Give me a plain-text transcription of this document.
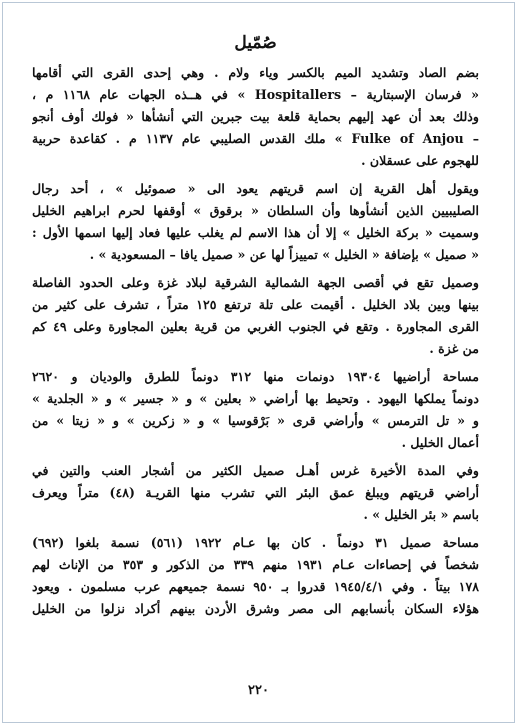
صُمّيل
بضم الصاد وتشديد الميم بالكسر وياء ولام . وهي إحدى القرى التي أقامها
« فرسان الإسبتارية – Hospitallers » في هــذه الجهات عام ١١٦٨ م ،
وذلك بعد أن عهد إليهم بحماية قلعة بيت جبرين التي أنشأها « فولك أوف أنجو
– Fulke of Anjou » ملك القدس الصليبي عام ١١٣٧ م . كقاعدة حربية
للهجوم على عسقلان .
ويقول أهل القرية إن اسم قريتهم يعود الى « صموئيل » ، أحد رجال
الصليبيين الذين أنشأوها وأن السلطان « برقوق » أوقفها لحرم ابراهيم الخليل
وسميت « بركة الخليل » إلا أن هذا الاسم لم يغلب عليها فعاد إليها اسمها الأول :
« صميل » بإضافة « الخليل » تمييزاً لها عن « صميل يافا – المسعودية » .
وصميل تقع في أقصى الجهة الشمالية الشرقية لبلاد غزة وعلى الحدود الفاصلة
بينها وبين بلاد الخليل . أقيمت على تلة ترتفع ١٢٥ متراً ، تشرف على كثير من
القرى المجاورة . وتقع في الجنوب الغربي من قرية بعلين المجاورة وعلى ٤٩ كم
من غزة .
مساحة أراضيها ١٩٣٠٤ دونمات منها ٣١٢ دونماً للطرق والوديان و ٢٦٢٠
دونماً يملكها اليهود . وتحيط بها أراضي « بعلين » و « جسير » و « الجلدية »
و « تل الترمس » وأراضي قرى « بَرْقوسيا » و « زكرين » و « زيتا » من
أعمال الخليل .
وفي المدة الأخيرة غرس أهـل صميل الكثير من أشجار العنب والتين في
أراضي قريتهم ويبلغ عمق البئر التي تشرب منها القريـة (٤٨) متراً ويعرف
باسم « بئر الخليل » .
مساحة صميل ٣١ دونماً . كان بها عـام ١٩٢٢ (٥٦١) نسمة بلغوا (٦٩٢)
شخصاً في إحصاءات عـام ١٩٣١ منهم ٣٣٩ من الذكور و ٣٥٣ من الإناث لهم
١٧٨ بيتاً . وفي ١٩٤٥/٤/١ قدروا بـ ٩٥٠ نسمة جميعهم عرب مسلمون . ويعود
هؤلاء السكان بأنسابهم الى مصر وشرق الأردن بينهم أكراد نزلوا من الخليل
٢٢٠
